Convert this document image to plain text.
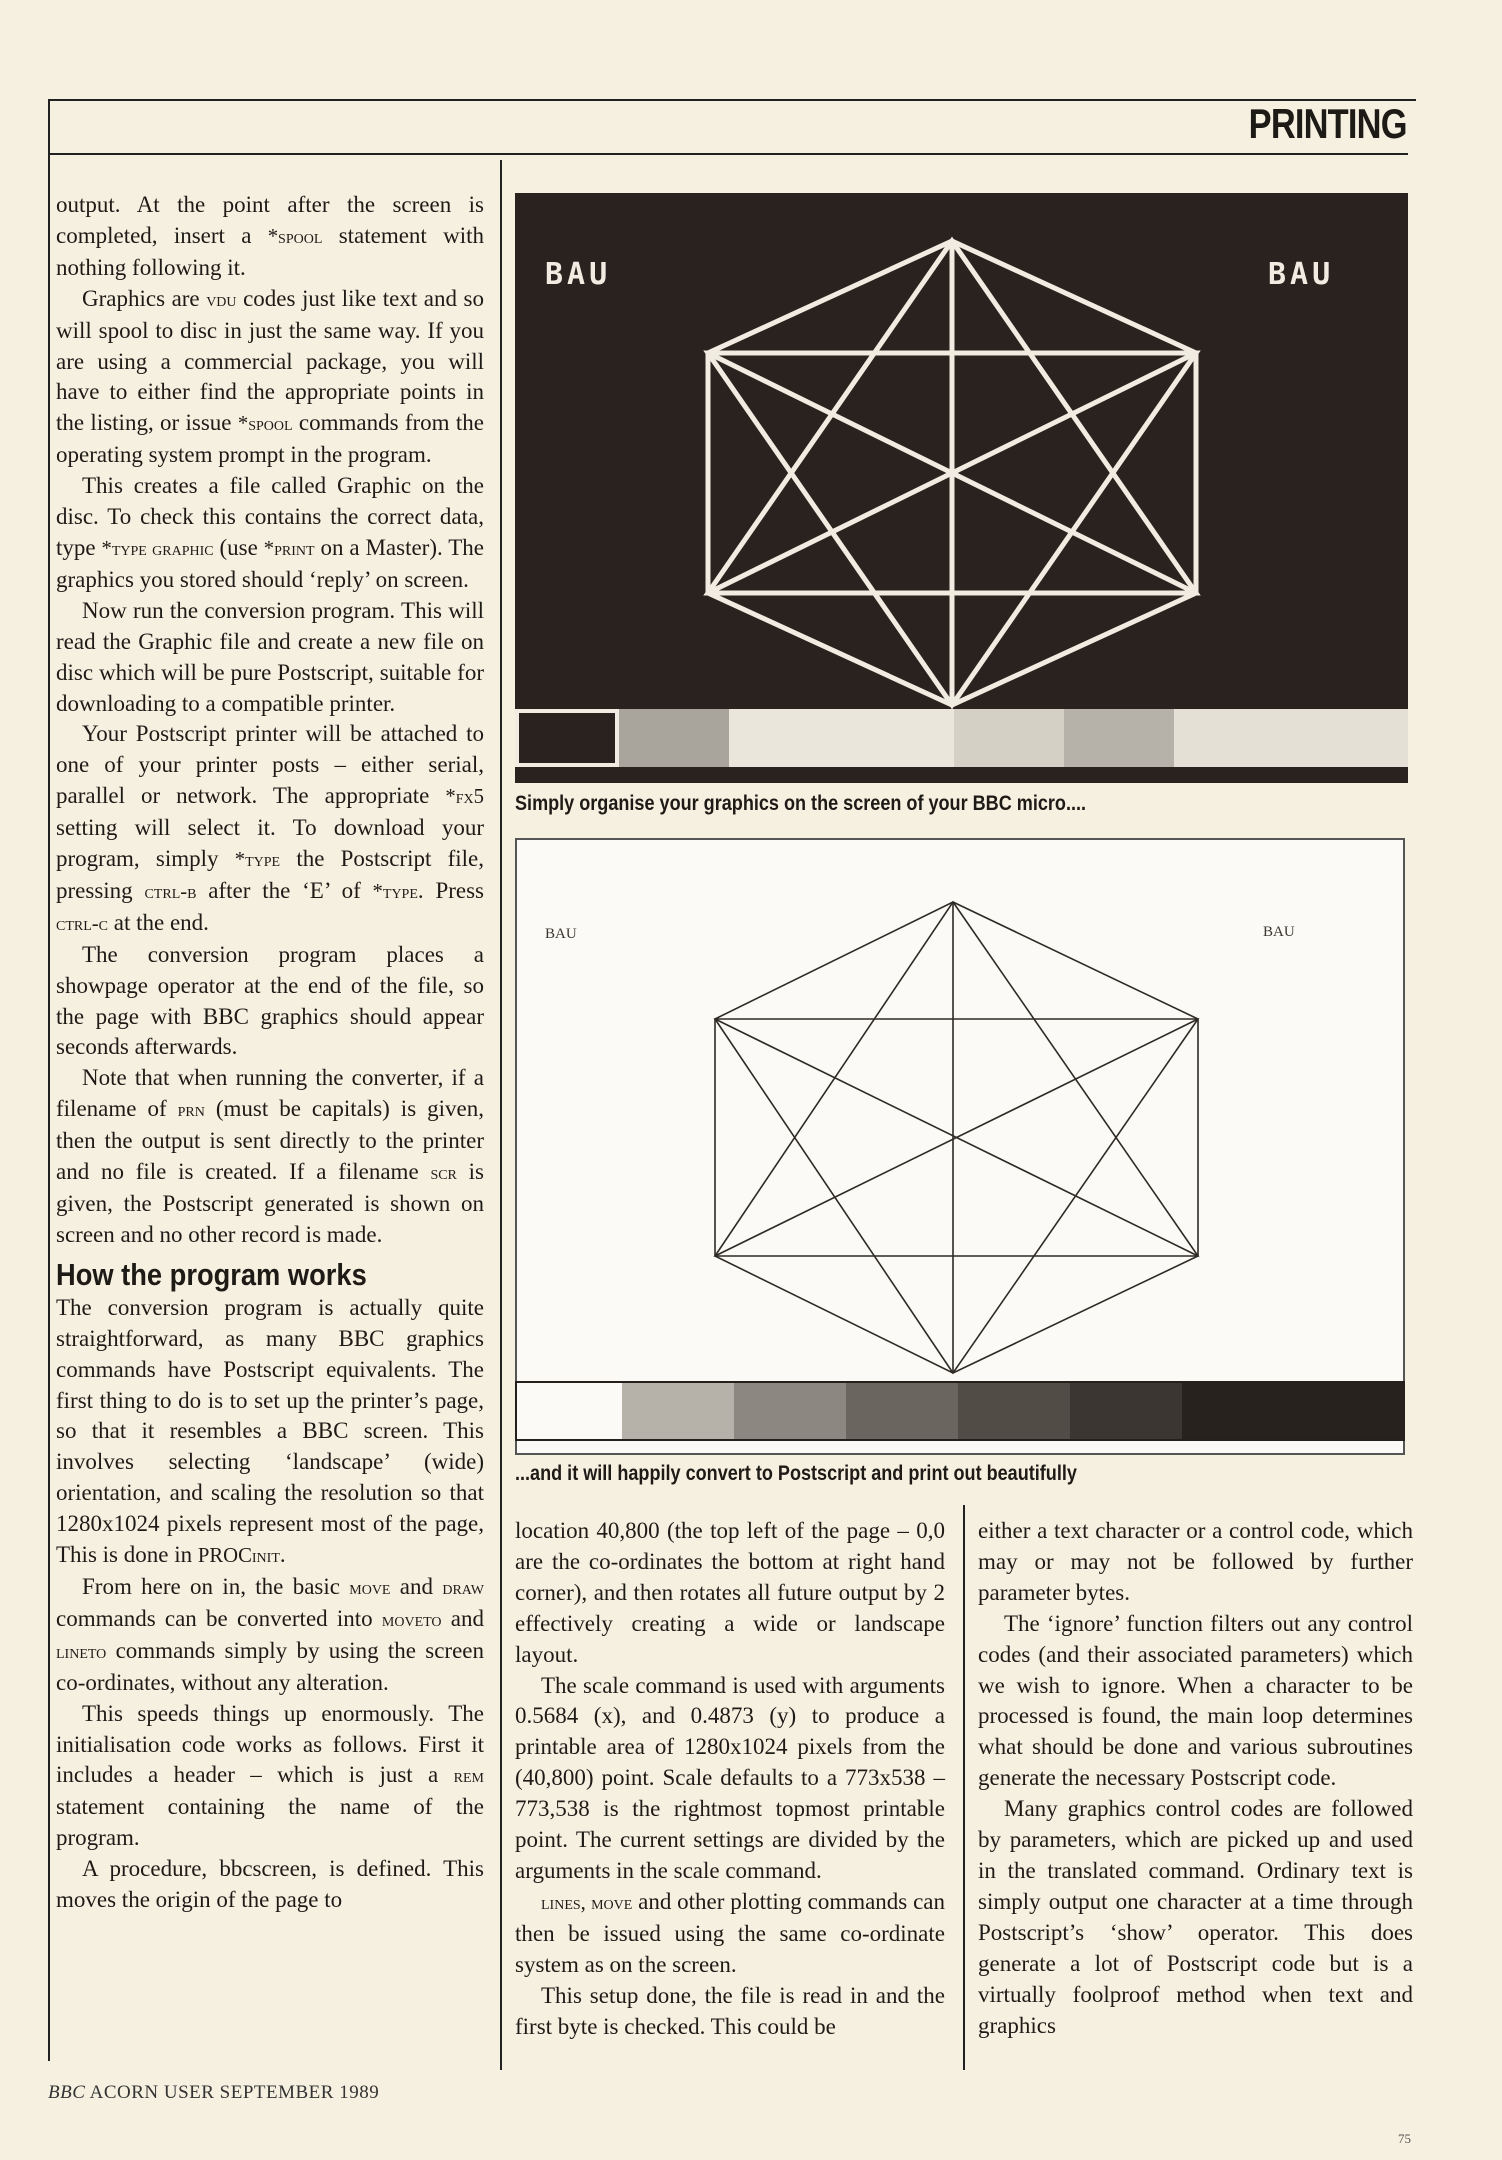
PRINTING

output. At the point after the screen is completed, insert a *spool statement with nothing following it.

Graphics are vdu codes just like text and so will spool to disc in just the same way. If you are using a commercial package, you will have to either find the appropriate points in the listing, or issue *spool commands from the operating system prompt in the program.

This creates a file called Graphic on the disc. To check this contains the correct data, type *type graphic (use *print on a Master). The graphics you stored should ‘reply’ on screen.

Now run the conversion program. This will read the Graphic file and create a new file on disc which will be pure Postscript, suitable for downloading to a compatible printer.

Your Postscript printer will be attached to one of your printer posts – either serial, parallel or network. The appropriate *fx5 setting will select it. To download your program, simply *type the Postscript file, pressing ctrl-b after the ‘E’ of *type. Press ctrl-c at the end.

The conversion program places a showpage operator at the end of the file, so the page with BBC graphics should appear seconds afterwards.

Note that when running the converter, if a filename of prn (must be capitals) is given, then the output is sent directly to the printer and no file is created. If a filename scr is given, the Postscript generated is shown on screen and no other record is made.

How the program works

The conversion program is actually quite straightforward, as many BBC graphics commands have Postscript equivalents. The first thing to do is to set up the printer’s page, so that it resembles a BBC screen. This involves selecting ‘landscape’ (wide) orientation, and scaling the resolution so that 1280x1024 pixels represent most of the page, This is done in PROCinit.

From here on in, the basic move and draw commands can be converted into moveto and lineto commands simply by using the screen co-ordinates, without any alteration.

This speeds things up enormously. The initialisation code works as follows. First it includes a header – which is just a rem statement containing the name of the program.

A procedure, bbcscreen, is defined. This moves the origin of the page to

BAU	BAU
Simply organise your graphics on the screen of your BBC micro....
BAU	BAU
...and it will happily convert to Postscript and print out beautifully

location 40,800 (the top left of the page – 0,0 are the co-ordinates the bottom at right hand corner), and then rotates all future output by 2 effectively creating a wide or landscape layout.

The scale command is used with arguments 0.5684 (x), and 0.4873 (y) to produce a printable area of 1280x1024 pixels from the (40,800) point. Scale defaults to a 773x538 – 773,538 is the rightmost topmost printable point. The current settings are divided by the arguments in the scale command.

lines, move and other plotting commands can then be issued using the same co-ordinate system as on the screen.

This setup done, the file is read in and the first byte is checked. This could be

either a text character or a control code, which may or may not be followed by further parameter bytes.

The ‘ignore’ function filters out any control codes (and their associated parameters) which we wish to ignore. When a character to be processed is found, the main loop determines what should be done and various subroutines generate the necessary Postscript code.

Many graphics control codes are followed by parameters, which are picked up and used in the translated command. Ordinary text is simply output one character at a time through Postscript’s ‘show’ operator. This does generate a lot of Postscript code but is a virtually foolproof method when text and graphics

BBC ACORN USER SEPTEMBER 1989
75
